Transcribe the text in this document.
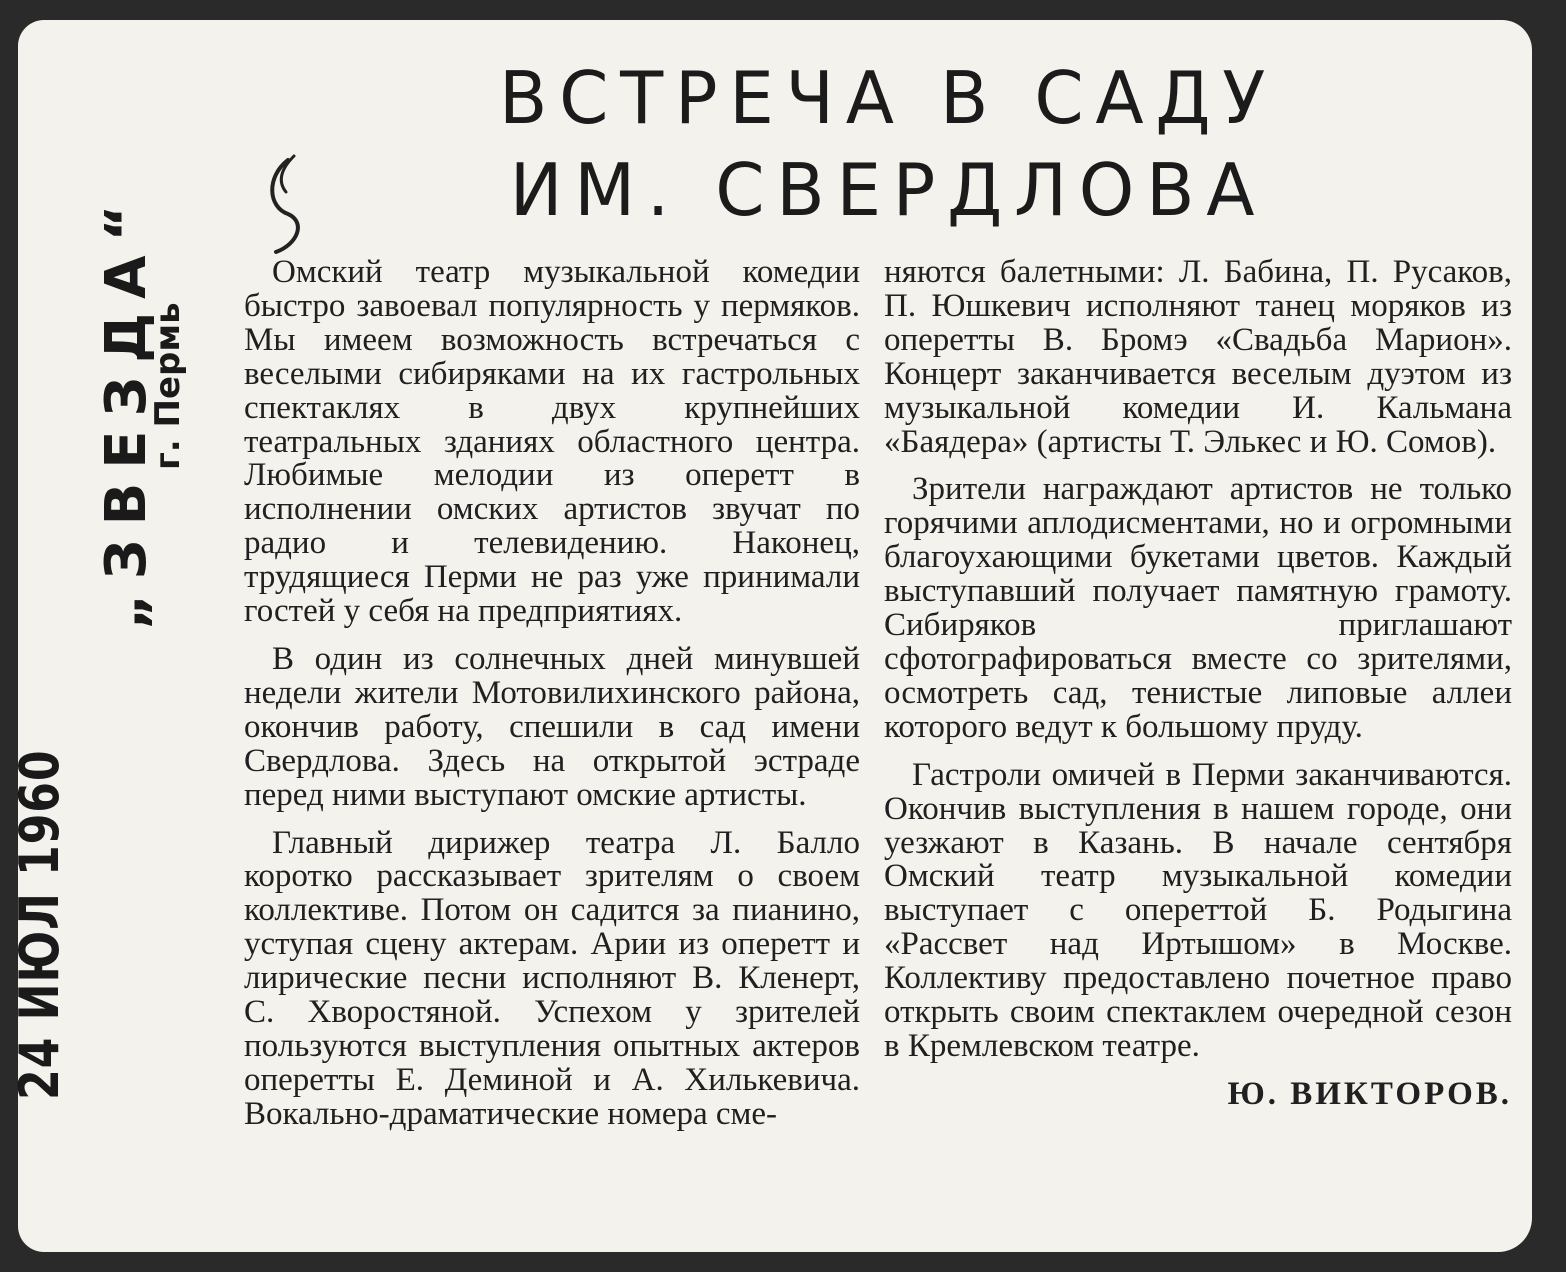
24 ИЮЛ 1960
„ЗВЕЗДА“
г. Пермь
ВСТРЕЧА В САДУ
ИМ. СВЕРДЛОВА

Омский театр музыкальной комедии быстро завоевал популярность у пермяков. Мы имеем возможность встречаться с веселыми сибиряками на их гастрольных спектаклях в двух крупнейших театральных зданиях областного центра. Любимые мелодии из оперетт в исполнении омских артистов звучат по радио и телевидению. Наконец, трудящиеся Перми не раз уже принимали гостей у себя на предприятиях.

В один из солнечных дней минувшей недели жители Мотовилихинского района, окончив работу, спешили в сад имени Свердлова. Здесь на открытой эстраде перед ними выступают омские артисты.

Главный дирижер театра Л. Балло коротко рассказывает зрителям о своем коллективе. Потом он садится за пианино, уступая сцену актерам. Арии из оперетт и лирические песни исполняют В. Кленерт, С. Хворостяной. Успехом у зрителей пользуются выступления опытных актеров оперетты Е. Деминой и А. Хилькевича. Вокально-драматические номера сме-

няются балетными: Л. Бабина, П. Русаков, П. Юшкевич исполняют танец моряков из оперетты В. Бромэ «Свадьба Марион». Концерт заканчивается веселым дуэтом из музыкальной комедии И. Кальмана «Баядера» (артисты Т. Элькес и Ю. Сомов).

Зрители награждают артистов не только горячими аплодисментами, но и огромными благоухающими букетами цветов. Каждый выступавший получает памятную грамоту. Сибиряков приглашают сфотографироваться вместе со зрителями, осмотреть сад, тенистые липовые аллеи которого ведут к большому пруду.

Гастроли омичей в Перми заканчиваются. Окончив выступления в нашем городе, они уезжают в Казань. В начале сентября Омский театр музыкальной комедии выступает с опереттой Б. Родыгина «Рассвет над Иртышом» в Москве. Коллективу предоставлено почетное право открыть своим спектаклем очередной сезон в Кремлевском театре.

Ю. ВИКТОРОВ.
